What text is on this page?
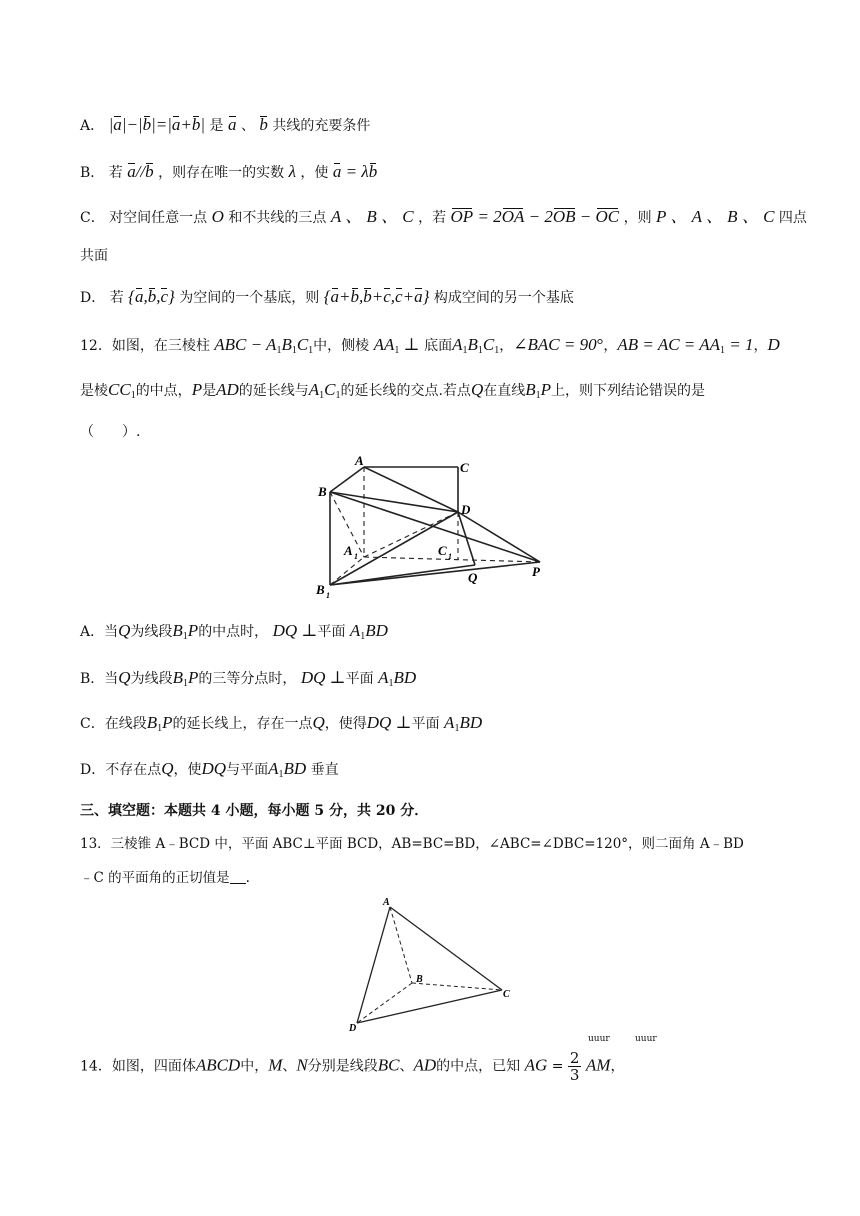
A． |a|−|b|=|a+b| 是 a 、 b 共线的充要条件
B． 若 a//b ，则存在唯一的实数 λ ，使 a = λb
C． 对空间任意一点 O 和不共线的三点 A 、 B 、 C ，若 OP = 2OA − 2OB − OC ，则 P 、 A 、 B 、 C 四点
共面
D． 若 {a,b,c} 为空间的一个基底，则 {a+b,b+c,c+a} 构成空间的另一个基底
12．如图，在三棱柱 ABC − $A_1B_1C_1$中，侧棱 $AA_1$ ⊥ 底面$A_1B_1C_1$，∠BAC = 90°，AB = AC = $AA_1 = 1$，D
是棱$CC_1$的中点，P是AD的延长线与$A_1C_1$的延长线的交点.若点Q在直线$B_1P$上，则下列结论错误的是
（　　）.
A	C
B
D
A 1	C 1
B 1
Q	P
A．当Q为线段$B_1P$的中点时， DQ ⊥平面 $A_1BD$
B．当Q为线段$B_1P$的三等分点时， DQ ⊥平面 $A_1BD$
C．在线段$B_1P$的延长线上，存在一点Q，使得DQ ⊥平面 $A_1BD$
D．不存在点Q，使DQ与平面$A_1BD$ 垂直
三、填空题：本题共 4 小题，每小题 5 分，共 20 分．
13．三棱锥 A﹣BCD 中，平面 ABC⊥平面 BCD，AB=BC=BD，∠ABC=∠DBC=120°，则二面角 A﹣BD
﹣C 的平面角的正切值是 .
A
B
C
D
14．如图，四面体ABCD中，M、N分别是线段BC、AD的中点，已知 AG = $\frac{2}{3}$ AM，
uuur	uuur
